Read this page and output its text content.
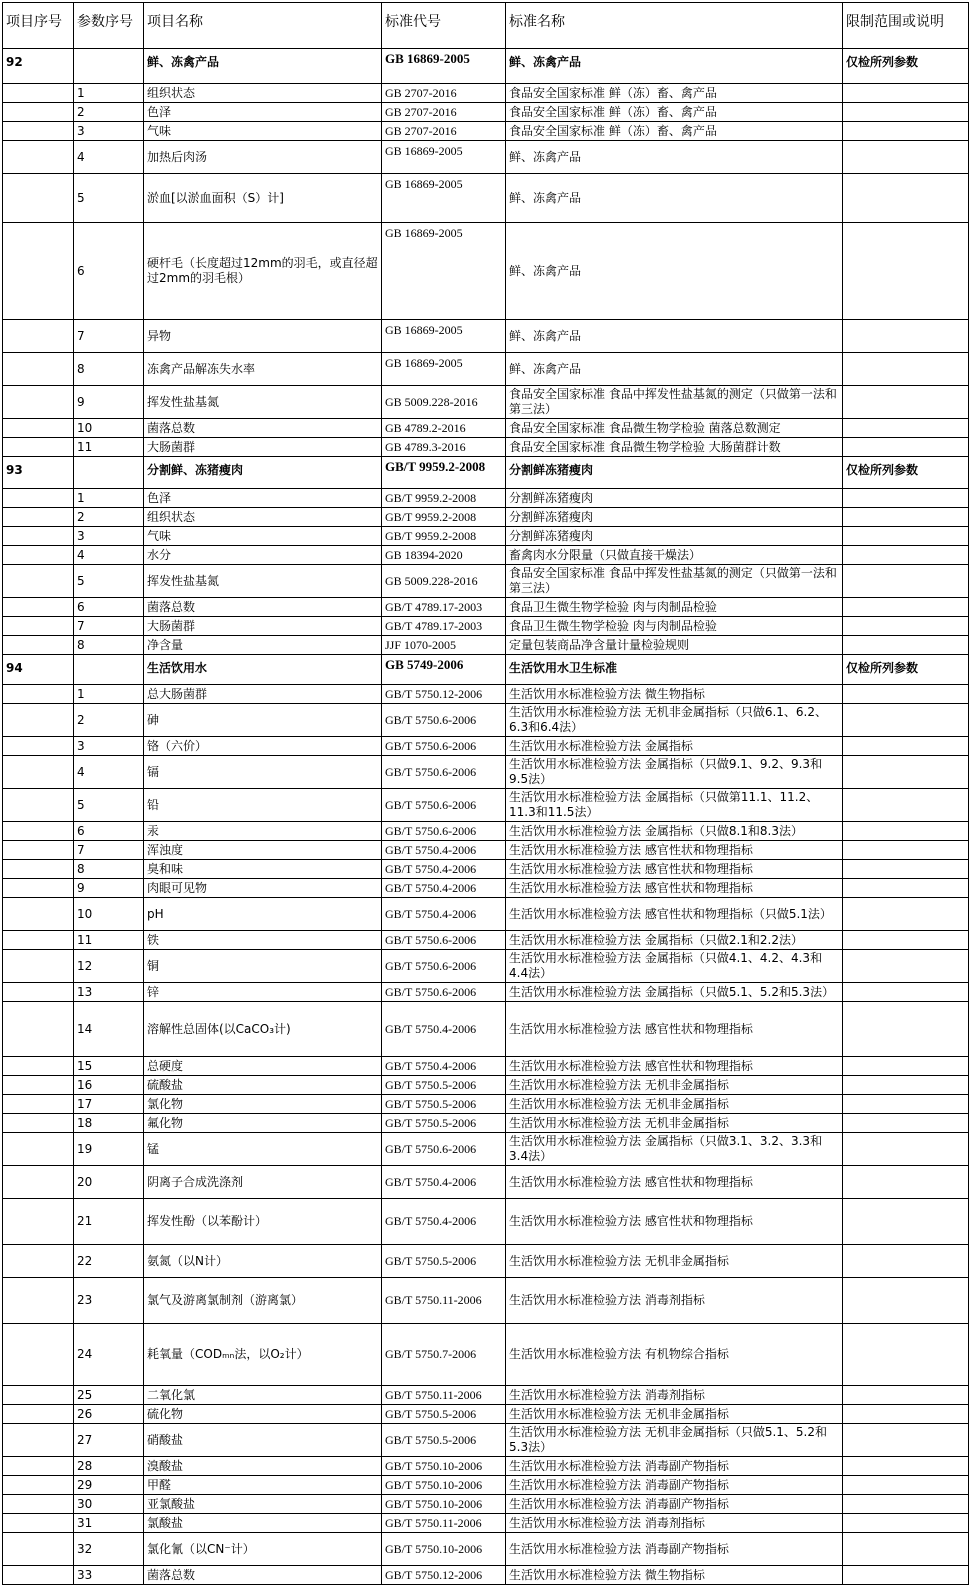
项目序号	参数序号	项目名称	标准代号	标准名称	限制范围或说明
92		鲜、冻禽产品	GB 16869-2005	鲜、冻禽产品	仅检所列参数
	1	组织状态	GB 2707-2016	食品安全国家标准 鲜（冻）畜、禽产品	
	2	色泽	GB 2707-2016	食品安全国家标准 鲜（冻）畜、禽产品	
	3	气味	GB 2707-2016	食品安全国家标准 鲜（冻）畜、禽产品	
	4	加热后肉汤	GB 16869-2005	鲜、冻禽产品	
	5	淤血[以淤血面积（S）计]	GB 16869-2005	鲜、冻禽产品	
	6	硬杆毛（长度超过12mm的羽毛，或直径超过2mm的羽毛根）	GB 16869-2005	鲜、冻禽产品	
	7	异物	GB 16869-2005	鲜、冻禽产品	
	8	冻禽产品解冻失水率	GB 16869-2005	鲜、冻禽产品	
	9	挥发性盐基氮	GB 5009.228-2016	食品安全国家标准 食品中挥发性盐基氮的测定（只做第一法和第三法）	
	10	菌落总数	GB 4789.2-2016	食品安全国家标准 食品微生物学检验 菌落总数测定	
	11	大肠菌群	GB 4789.3-2016	食品安全国家标准 食品微生物学检验 大肠菌群计数	
93		分割鲜、冻猪瘦肉	GB/T 9959.2-2008	分割鲜冻猪瘦肉	仅检所列参数
	1	色泽	GB/T 9959.2-2008	分割鲜冻猪瘦肉	
	2	组织状态	GB/T 9959.2-2008	分割鲜冻猪瘦肉	
	3	气味	GB/T 9959.2-2008	分割鲜冻猪瘦肉	
	4	水分	GB 18394-2020	畜禽肉水分限量（只做直接干燥法）	
	5	挥发性盐基氮	GB 5009.228-2016	食品安全国家标准 食品中挥发性盐基氮的测定（只做第一法和第三法）	
	6	菌落总数	GB/T 4789.17-2003	食品卫生微生物学检验 肉与肉制品检验	
	7	大肠菌群	GB/T 4789.17-2003	食品卫生微生物学检验 肉与肉制品检验	
	8	净含量	JJF 1070-2005	定量包装商品净含量计量检验规则	
94		生活饮用水	GB 5749-2006	生活饮用水卫生标准	仅检所列参数
	1	总大肠菌群	GB/T 5750.12-2006	生活饮用水标准检验方法 微生物指标	
	2	砷	GB/T 5750.6-2006	生活饮用水标准检验方法 无机非金属指标（只做6.1、6.2、6.3和6.4法）	
	3	铬（六价）	GB/T 5750.6-2006	生活饮用水标准检验方法 金属指标	
	4	镉	GB/T 5750.6-2006	生活饮用水标准检验方法 金属指标（只做9.1、9.2、9.3和9.5法）	
	5	铅	GB/T 5750.6-2006	生活饮用水标准检验方法 金属指标（只做第11.1、11.2、11.3和11.5法）	
	6	汞	GB/T 5750.6-2006	生活饮用水标准检验方法 金属指标（只做8.1和8.3法）	
	7	浑浊度	GB/T 5750.4-2006	生活饮用水标准检验方法 感官性状和物理指标	
	8	臭和味	GB/T 5750.4-2006	生活饮用水标准检验方法 感官性状和物理指标	
	9	肉眼可见物	GB/T 5750.4-2006	生活饮用水标准检验方法 感官性状和物理指标	
	10	pH	GB/T 5750.4-2006	生活饮用水标准检验方法 感官性状和物理指标（只做5.1法）	
	11	铁	GB/T 5750.6-2006	生活饮用水标准检验方法 金属指标（只做2.1和2.2法）	
	12	铜	GB/T 5750.6-2006	生活饮用水标准检验方法 金属指标（只做4.1、4.2、4.3和4.4法）	
	13	锌	GB/T 5750.6-2006	生活饮用水标准检验方法 金属指标（只做5.1、5.2和5.3法）	
	14	溶解性总固体(以CaCO₃计)	GB/T 5750.4-2006	生活饮用水标准检验方法 感官性状和物理指标	
	15	总硬度	GB/T 5750.4-2006	生活饮用水标准检验方法 感官性状和物理指标	
	16	硫酸盐	GB/T 5750.5-2006	生活饮用水标准检验方法 无机非金属指标	
	17	氯化物	GB/T 5750.5-2006	生活饮用水标准检验方法 无机非金属指标	
	18	氟化物	GB/T 5750.5-2006	生活饮用水标准检验方法 无机非金属指标	
	19	锰	GB/T 5750.6-2006	生活饮用水标准检验方法 金属指标（只做3.1、3.2、3.3和3.4法）	
	20	阴离子合成洗涤剂	GB/T 5750.4-2006	生活饮用水标准检验方法 感官性状和物理指标	
	21	挥发性酚（以苯酚计）	GB/T 5750.4-2006	生活饮用水标准检验方法 感官性状和物理指标	
	22	氨氮（以N计）	GB/T 5750.5-2006	生活饮用水标准检验方法 无机非金属指标	
	23	氯气及游离氯制剂（游离氯）	GB/T 5750.11-2006	生活饮用水标准检验方法 消毒剂指标	
	24	耗氧量（CODₘₙ法，以O₂计）	GB/T 5750.7-2006	生活饮用水标准检验方法 有机物综合指标	
	25	二氧化氯	GB/T 5750.11-2006	生活饮用水标准检验方法 消毒剂指标	
	26	硫化物	GB/T 5750.5-2006	生活饮用水标准检验方法 无机非金属指标	
	27	硝酸盐	GB/T 5750.5-2006	生活饮用水标准检验方法 无机非金属指标（只做5.1、5.2和5.3法）	
	28	溴酸盐	GB/T 5750.10-2006	生活饮用水标准检验方法 消毒副产物指标	
	29	甲醛	GB/T 5750.10-2006	生活饮用水标准检验方法 消毒副产物指标	
	30	亚氯酸盐	GB/T 5750.10-2006	生活饮用水标准检验方法 消毒副产物指标	
	31	氯酸盐	GB/T 5750.11-2006	生活饮用水标准检验方法 消毒剂指标	
	32	氯化氰（以CN⁻计）	GB/T 5750.10-2006	生活饮用水标准检验方法 消毒副产物指标	
	33	菌落总数	GB/T 5750.12-2006	生活饮用水标准检验方法 微生物指标	
